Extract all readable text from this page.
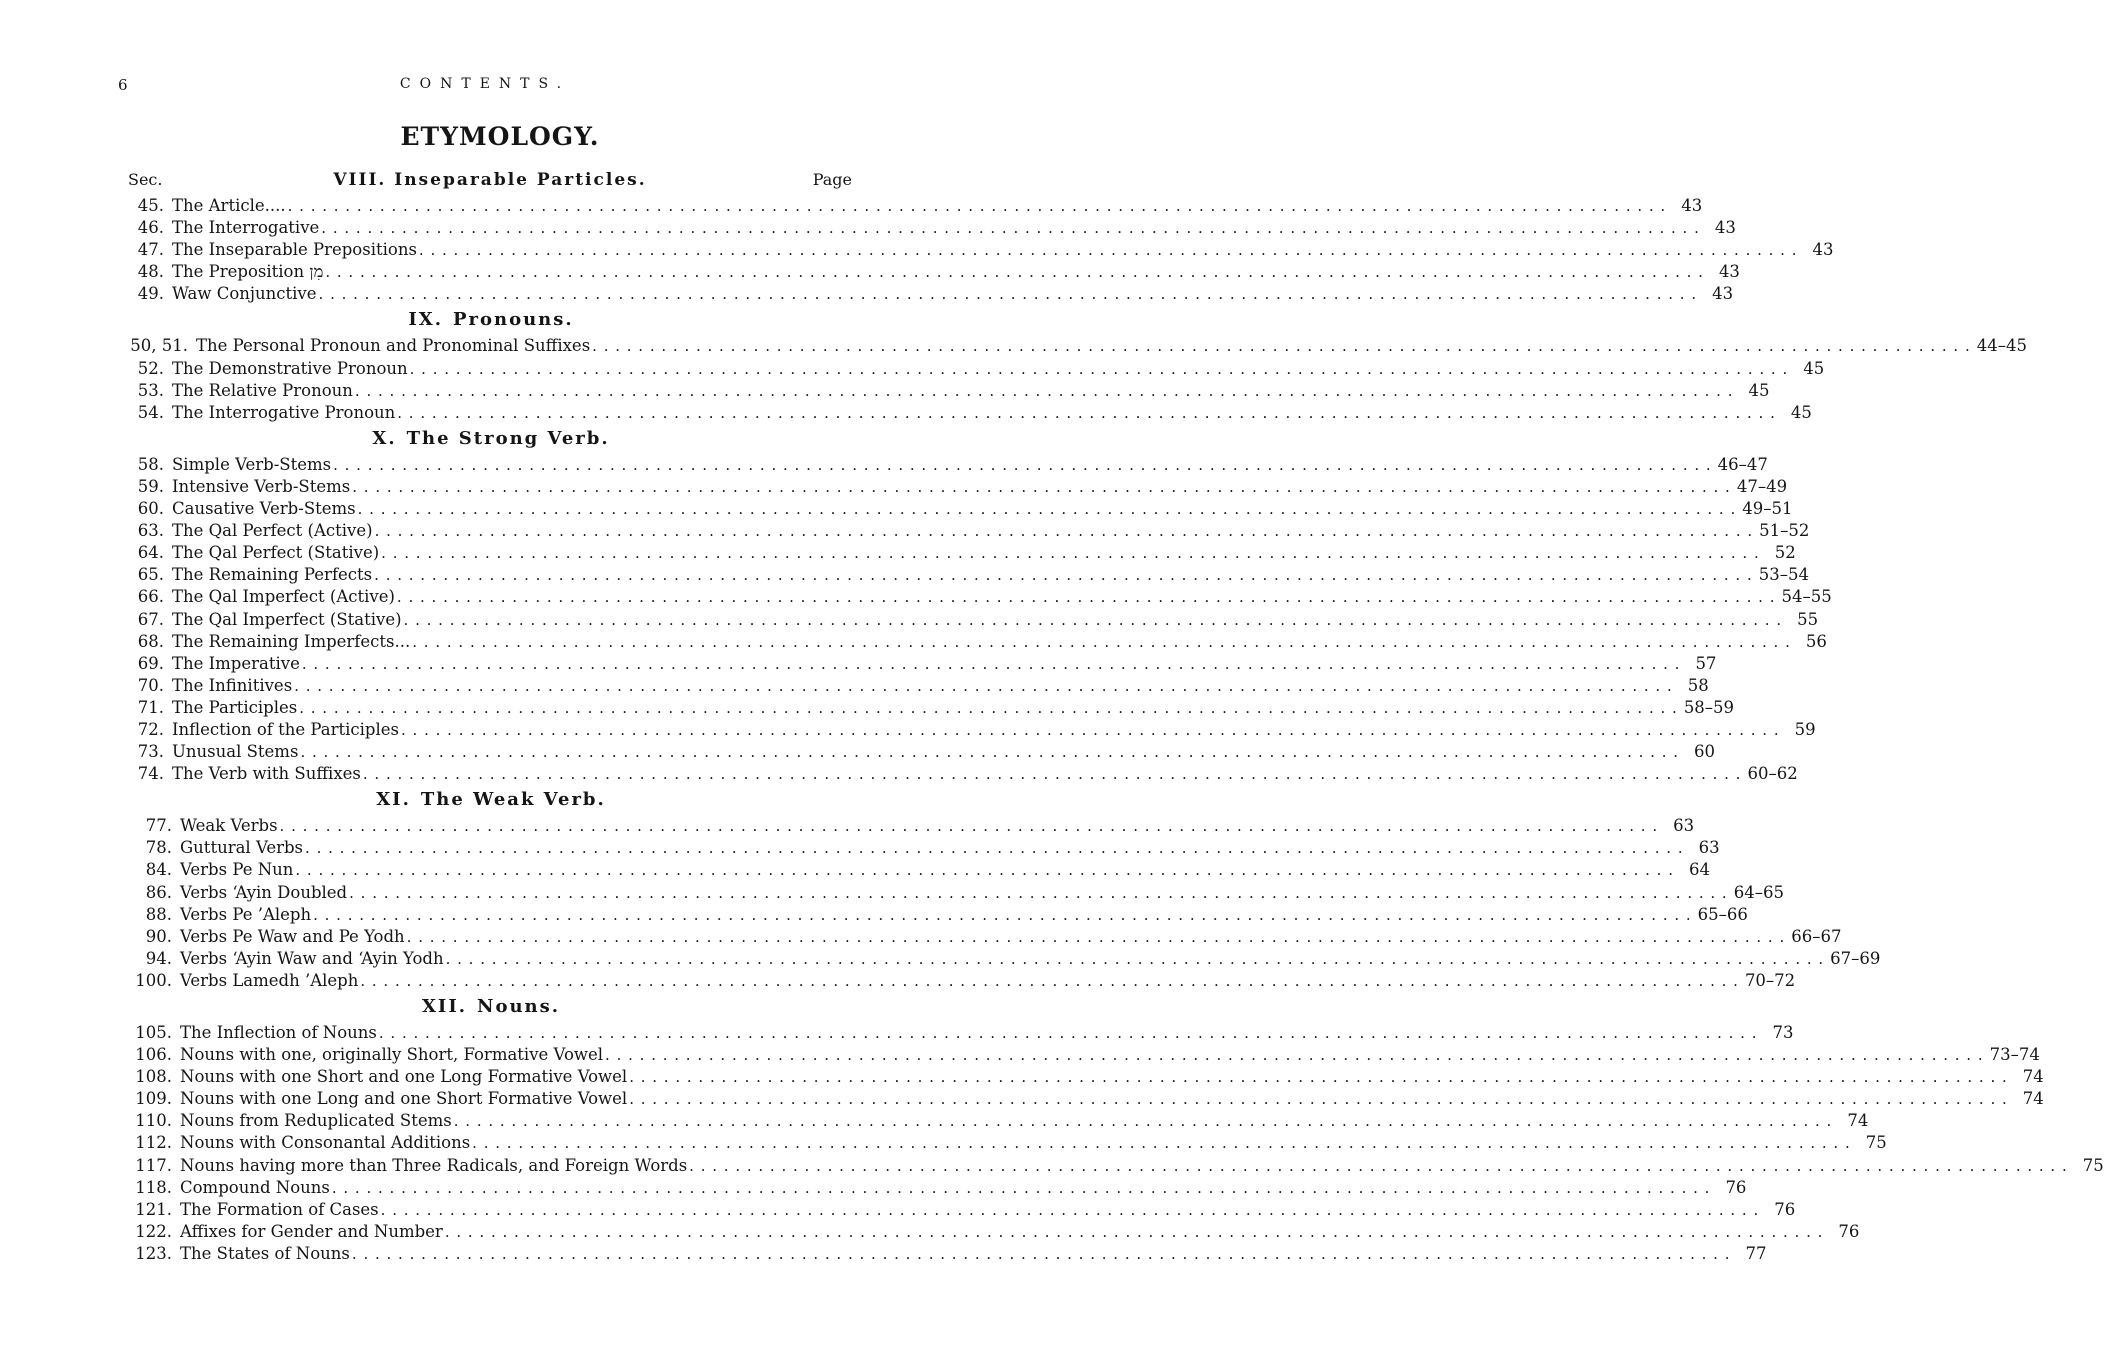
6	CONTENTS.
ETYMOLOGY.
Sec.	VIII. Inseparable Particles.	Page
45. The Article.... . . . . . . . . . . . . . . . . . . . . . . . . . . . . . . . . . . . . . . . . . . . . . . . . . . . . . . . . . . . . . . . . . . . . . . . . . . . . . . . . . . . . . . . . . . . . . . . . . . . . . . . . . . . . . . . . . . . . . . . . 43
46. The Interrogative . . . . . . . . . . . . . . . . . . . . . . . . . . . . . . . . . . . . . . . . . . . . . . . . . . . . . . . . . . . . . . . . . . . . . . . . . . . . . . . . . . . . . . . . . . . . . . . . . . . . . . . . . . . . . . . . . . . . . . . . 43
47. The Inseparable Prepositions . . . . . . . . . . . . . . . . . . . . . . . . . . . . . . . . . . . . . . . . . . . . . . . . . . . . . . . . . . . . . . . . . . . . . . . . . . . . . . . . . . . . . . . . . . . . . . . . . . . . . . . . . . . . . . . . . . . . . . . . 43
48. The Preposition מִן . . . . . . . . . . . . . . . . . . . . . . . . . . . . . . . . . . . . . . . . . . . . . . . . . . . . . . . . . . . . . . . . . . . . . . . . . . . . . . . . . . . . . . . . . . . . . . . . . . . . . . . . . . . . . . . . . . . . . . . . 43
49. Waw Conjunctive . . . . . . . . . . . . . . . . . . . . . . . . . . . . . . . . . . . . . . . . . . . . . . . . . . . . . . . . . . . . . . . . . . . . . . . . . . . . . . . . . . . . . . . . . . . . . . . . . . . . . . . . . . . . . . . . . . . . . . . . 43
IX. Pronouns.
50, 51. The Personal Pronoun and Pronominal Suffixes . . . . . . . . . . . . . . . . . . . . . . . . . . . . . . . . . . . . . . . . . . . . . . . . . . . . . . . . . . . . . . . . . . . . . . . . . . . . . . . . . . . . . . . . . . . . . . . . . . . . . . . . . . . . . . . . . . . . . . . . 44–45
52. The Demonstrative Pronoun . . . . . . . . . . . . . . . . . . . . . . . . . . . . . . . . . . . . . . . . . . . . . . . . . . . . . . . . . . . . . . . . . . . . . . . . . . . . . . . . . . . . . . . . . . . . . . . . . . . . . . . . . . . . . . . . . . . . . . . . 45
53. The Relative Pronoun . . . . . . . . . . . . . . . . . . . . . . . . . . . . . . . . . . . . . . . . . . . . . . . . . . . . . . . . . . . . . . . . . . . . . . . . . . . . . . . . . . . . . . . . . . . . . . . . . . . . . . . . . . . . . . . . . . . . . . . . 45
54. The Interrogative Pronoun . . . . . . . . . . . . . . . . . . . . . . . . . . . . . . . . . . . . . . . . . . . . . . . . . . . . . . . . . . . . . . . . . . . . . . . . . . . . . . . . . . . . . . . . . . . . . . . . . . . . . . . . . . . . . . . . . . . . . . . . 45
X. The Strong Verb.
58. Simple Verb-Stems . . . . . . . . . . . . . . . . . . . . . . . . . . . . . . . . . . . . . . . . . . . . . . . . . . . . . . . . . . . . . . . . . . . . . . . . . . . . . . . . . . . . . . . . . . . . . . . . . . . . . . . . . . . . . . . . . . . . . . . . 46–47
59. Intensive Verb-Stems . . . . . . . . . . . . . . . . . . . . . . . . . . . . . . . . . . . . . . . . . . . . . . . . . . . . . . . . . . . . . . . . . . . . . . . . . . . . . . . . . . . . . . . . . . . . . . . . . . . . . . . . . . . . . . . . . . . . . . . . 47–49
60. Causative Verb-Stems . . . . . . . . . . . . . . . . . . . . . . . . . . . . . . . . . . . . . . . . . . . . . . . . . . . . . . . . . . . . . . . . . . . . . . . . . . . . . . . . . . . . . . . . . . . . . . . . . . . . . . . . . . . . . . . . . . . . . . . . 49–51
63. The Qal Perfect (Active) . . . . . . . . . . . . . . . . . . . . . . . . . . . . . . . . . . . . . . . . . . . . . . . . . . . . . . . . . . . . . . . . . . . . . . . . . . . . . . . . . . . . . . . . . . . . . . . . . . . . . . . . . . . . . . . . . . . . . . . . 51–52
64. The Qal Perfect (Stative) . . . . . . . . . . . . . . . . . . . . . . . . . . . . . . . . . . . . . . . . . . . . . . . . . . . . . . . . . . . . . . . . . . . . . . . . . . . . . . . . . . . . . . . . . . . . . . . . . . . . . . . . . . . . . . . . . . . . . . . . 52
65. The Remaining Perfects . . . . . . . . . . . . . . . . . . . . . . . . . . . . . . . . . . . . . . . . . . . . . . . . . . . . . . . . . . . . . . . . . . . . . . . . . . . . . . . . . . . . . . . . . . . . . . . . . . . . . . . . . . . . . . . . . . . . . . . . 53–54
66. The Qal Imperfect (Active) . . . . . . . . . . . . . . . . . . . . . . . . . . . . . . . . . . . . . . . . . . . . . . . . . . . . . . . . . . . . . . . . . . . . . . . . . . . . . . . . . . . . . . . . . . . . . . . . . . . . . . . . . . . . . . . . . . . . . . . . 54–55
67. The Qal Imperfect (Stative) . . . . . . . . . . . . . . . . . . . . . . . . . . . . . . . . . . . . . . . . . . . . . . . . . . . . . . . . . . . . . . . . . . . . . . . . . . . . . . . . . . . . . . . . . . . . . . . . . . . . . . . . . . . . . . . . . . . . . . . . 55
68. The Remaining Imperfects... . . . . . . . . . . . . . . . . . . . . . . . . . . . . . . . . . . . . . . . . . . . . . . . . . . . . . . . . . . . . . . . . . . . . . . . . . . . . . . . . . . . . . . . . . . . . . . . . . . . . . . . . . . . . . . . . . . . . . . . . 56
69. The Imperative . . . . . . . . . . . . . . . . . . . . . . . . . . . . . . . . . . . . . . . . . . . . . . . . . . . . . . . . . . . . . . . . . . . . . . . . . . . . . . . . . . . . . . . . . . . . . . . . . . . . . . . . . . . . . . . . . . . . . . . . 57
70. The Infinitives . . . . . . . . . . . . . . . . . . . . . . . . . . . . . . . . . . . . . . . . . . . . . . . . . . . . . . . . . . . . . . . . . . . . . . . . . . . . . . . . . . . . . . . . . . . . . . . . . . . . . . . . . . . . . . . . . . . . . . . . 58
71. The Participles . . . . . . . . . . . . . . . . . . . . . . . . . . . . . . . . . . . . . . . . . . . . . . . . . . . . . . . . . . . . . . . . . . . . . . . . . . . . . . . . . . . . . . . . . . . . . . . . . . . . . . . . . . . . . . . . . . . . . . . . 58–59
72. Inflection of the Participles . . . . . . . . . . . . . . . . . . . . . . . . . . . . . . . . . . . . . . . . . . . . . . . . . . . . . . . . . . . . . . . . . . . . . . . . . . . . . . . . . . . . . . . . . . . . . . . . . . . . . . . . . . . . . . . . . . . . . . . . 59
73. Unusual Stems . . . . . . . . . . . . . . . . . . . . . . . . . . . . . . . . . . . . . . . . . . . . . . . . . . . . . . . . . . . . . . . . . . . . . . . . . . . . . . . . . . . . . . . . . . . . . . . . . . . . . . . . . . . . . . . . . . . . . . . . 60
74. The Verb with Suffixes . . . . . . . . . . . . . . . . . . . . . . . . . . . . . . . . . . . . . . . . . . . . . . . . . . . . . . . . . . . . . . . . . . . . . . . . . . . . . . . . . . . . . . . . . . . . . . . . . . . . . . . . . . . . . . . . . . . . . . . . 60–62
XI. The Weak Verb.
77. Weak Verbs . . . . . . . . . . . . . . . . . . . . . . . . . . . . . . . . . . . . . . . . . . . . . . . . . . . . . . . . . . . . . . . . . . . . . . . . . . . . . . . . . . . . . . . . . . . . . . . . . . . . . . . . . . . . . . . . . . . . . . . . 63
78. Guttural Verbs . . . . . . . . . . . . . . . . . . . . . . . . . . . . . . . . . . . . . . . . . . . . . . . . . . . . . . . . . . . . . . . . . . . . . . . . . . . . . . . . . . . . . . . . . . . . . . . . . . . . . . . . . . . . . . . . . . . . . . . . 63
84. Verbs Pe Nun . . . . . . . . . . . . . . . . . . . . . . . . . . . . . . . . . . . . . . . . . . . . . . . . . . . . . . . . . . . . . . . . . . . . . . . . . . . . . . . . . . . . . . . . . . . . . . . . . . . . . . . . . . . . . . . . . . . . . . . . 64
86. Verbs ‘Ayin Doubled . . . . . . . . . . . . . . . . . . . . . . . . . . . . . . . . . . . . . . . . . . . . . . . . . . . . . . . . . . . . . . . . . . . . . . . . . . . . . . . . . . . . . . . . . . . . . . . . . . . . . . . . . . . . . . . . . . . . . . . . 64–65
88. Verbs Pe ’Aleph . . . . . . . . . . . . . . . . . . . . . . . . . . . . . . . . . . . . . . . . . . . . . . . . . . . . . . . . . . . . . . . . . . . . . . . . . . . . . . . . . . . . . . . . . . . . . . . . . . . . . . . . . . . . . . . . . . . . . . . . 65–66
90. Verbs Pe Waw and Pe Yodh . . . . . . . . . . . . . . . . . . . . . . . . . . . . . . . . . . . . . . . . . . . . . . . . . . . . . . . . . . . . . . . . . . . . . . . . . . . . . . . . . . . . . . . . . . . . . . . . . . . . . . . . . . . . . . . . . . . . . . . . 66–67
94. Verbs ‘Ayin Waw and ‘Ayin Yodh . . . . . . . . . . . . . . . . . . . . . . . . . . . . . . . . . . . . . . . . . . . . . . . . . . . . . . . . . . . . . . . . . . . . . . . . . . . . . . . . . . . . . . . . . . . . . . . . . . . . . . . . . . . . . . . . . . . . . . . . 67–69
100. Verbs Lamedh ’Aleph . . . . . . . . . . . . . . . . . . . . . . . . . . . . . . . . . . . . . . . . . . . . . . . . . . . . . . . . . . . . . . . . . . . . . . . . . . . . . . . . . . . . . . . . . . . . . . . . . . . . . . . . . . . . . . . . . . . . . . . . 70–72
XII. Nouns.
105. The Inflection of Nouns . . . . . . . . . . . . . . . . . . . . . . . . . . . . . . . . . . . . . . . . . . . . . . . . . . . . . . . . . . . . . . . . . . . . . . . . . . . . . . . . . . . . . . . . . . . . . . . . . . . . . . . . . . . . . . . . . . . . . . . . 73
106. Nouns with one, originally Short, Formative Vowel . . . . . . . . . . . . . . . . . . . . . . . . . . . . . . . . . . . . . . . . . . . . . . . . . . . . . . . . . . . . . . . . . . . . . . . . . . . . . . . . . . . . . . . . . . . . . . . . . . . . . . . . . . . . . . . . . . . . . . . . 73–74
108. Nouns with one Short and one Long Formative Vowel . . . . . . . . . . . . . . . . . . . . . . . . . . . . . . . . . . . . . . . . . . . . . . . . . . . . . . . . . . . . . . . . . . . . . . . . . . . . . . . . . . . . . . . . . . . . . . . . . . . . . . . . . . . . . . . . . . . . . . . . 74
109. Nouns with one Long and one Short Formative Vowel . . . . . . . . . . . . . . . . . . . . . . . . . . . . . . . . . . . . . . . . . . . . . . . . . . . . . . . . . . . . . . . . . . . . . . . . . . . . . . . . . . . . . . . . . . . . . . . . . . . . . . . . . . . . . . . . . . . . . . . . 74
110. Nouns from Reduplicated Stems . . . . . . . . . . . . . . . . . . . . . . . . . . . . . . . . . . . . . . . . . . . . . . . . . . . . . . . . . . . . . . . . . . . . . . . . . . . . . . . . . . . . . . . . . . . . . . . . . . . . . . . . . . . . . . . . . . . . . . . . 74
112. Nouns with Consonantal Additions . . . . . . . . . . . . . . . . . . . . . . . . . . . . . . . . . . . . . . . . . . . . . . . . . . . . . . . . . . . . . . . . . . . . . . . . . . . . . . . . . . . . . . . . . . . . . . . . . . . . . . . . . . . . . . . . . . . . . . . . 75
117. Nouns having more than Three Radicals, and Foreign Words . . . . . . . . . . . . . . . . . . . . . . . . . . . . . . . . . . . . . . . . . . . . . . . . . . . . . . . . . . . . . . . . . . . . . . . . . . . . . . . . . . . . . . . . . . . . . . . . . . . . . . . . . . . . . . . . . . . . . . . . 75
118. Compound Nouns . . . . . . . . . . . . . . . . . . . . . . . . . . . . . . . . . . . . . . . . . . . . . . . . . . . . . . . . . . . . . . . . . . . . . . . . . . . . . . . . . . . . . . . . . . . . . . . . . . . . . . . . . . . . . . . . . . . . . . . . 76
121. The Formation of Cases . . . . . . . . . . . . . . . . . . . . . . . . . . . . . . . . . . . . . . . . . . . . . . . . . . . . . . . . . . . . . . . . . . . . . . . . . . . . . . . . . . . . . . . . . . . . . . . . . . . . . . . . . . . . . . . . . . . . . . . . 76
122. Affixes for Gender and Number . . . . . . . . . . . . . . . . . . . . . . . . . . . . . . . . . . . . . . . . . . . . . . . . . . . . . . . . . . . . . . . . . . . . . . . . . . . . . . . . . . . . . . . . . . . . . . . . . . . . . . . . . . . . . . . . . . . . . . . . 76
123. The States of Nouns . . . . . . . . . . . . . . . . . . . . . . . . . . . . . . . . . . . . . . . . . . . . . . . . . . . . . . . . . . . . . . . . . . . . . . . . . . . . . . . . . . . . . . . . . . . . . . . . . . . . . . . . . . . . . . . . . . . . . . . . 77
